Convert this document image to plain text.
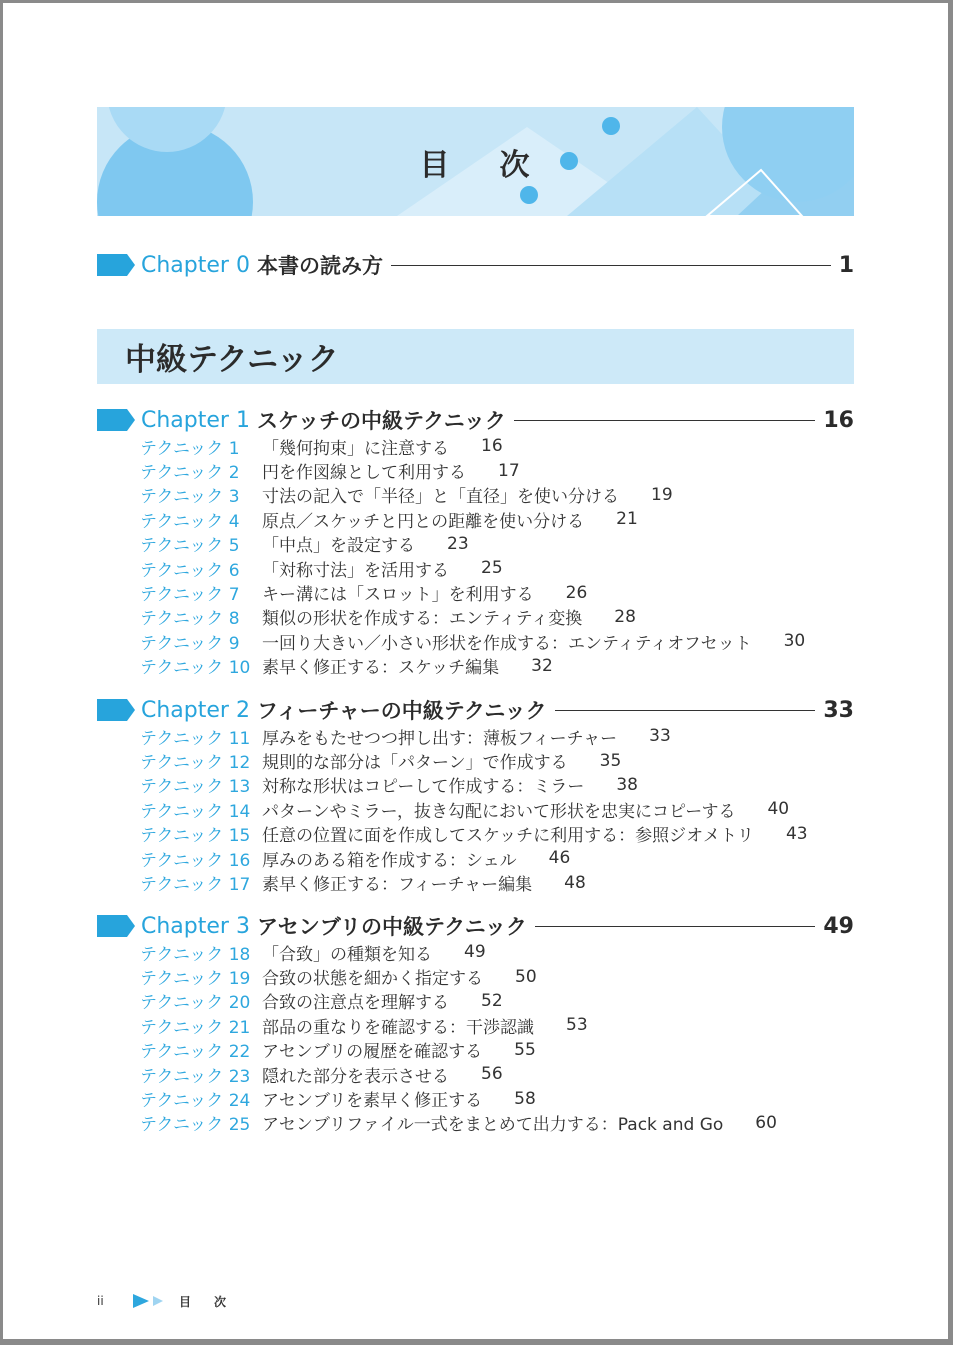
目 次
Chapter 0 本書の読み方	1
中級テクニック
Chapter 1 スケッチの中級テクニック	16
テクニック 1	「幾何拘束」に注意する 16
テクニック 2	円を作図線として利用する 17
テクニック 3	寸法の記入で「半径」と「直径」を使い分ける 19
テクニック 4	原点／スケッチと円との距離を使い分ける 21
テクニック 5	「中点」を設定する 23
テクニック 6	「対称寸法」を活用する 25
テクニック 7	キー溝には「スロット」を利用する 26
テクニック 8	類似の形状を作成する：エンティティ変換 28
テクニック 9	一回り大きい／小さい形状を作成する：エンティティオフセット 30
テクニック 10 素早く修正する：スケッチ編集 32
Chapter 2 フィーチャーの中級テクニック	33
テクニック 11 厚みをもたせつつ押し出す：薄板フィーチャー 33
テクニック 12 規則的な部分は「パターン」で作成する 35
テクニック 13 対称な形状はコピーして作成する：ミラー 38
テクニック 14 パターンやミラー，抜き勾配において形状を忠実にコピーする 40
テクニック 15 任意の位置に面を作成してスケッチに利用する：参照ジオメトリ 43
テクニック 16 厚みのある箱を作成する：シェル 46
テクニック 17 素早く修正する：フィーチャー編集 48
Chapter 3 アセンブリの中級テクニック	49
テクニック 18 「合致」の種類を知る 49
テクニック 19 合致の状態を細かく指定する 50
テクニック 20 合致の注意点を理解する 52
テクニック 21 部品の重なりを確認する：干渉認識 53
テクニック 22 アセンブリの履歴を確認する 55
テクニック 23 隠れた部分を表示させる 56
テクニック 24 アセンブリを素早く修正する 58
テクニック 25 アセンブリファイル一式をまとめて出力する：Pack and Go 60
ii	目 次
